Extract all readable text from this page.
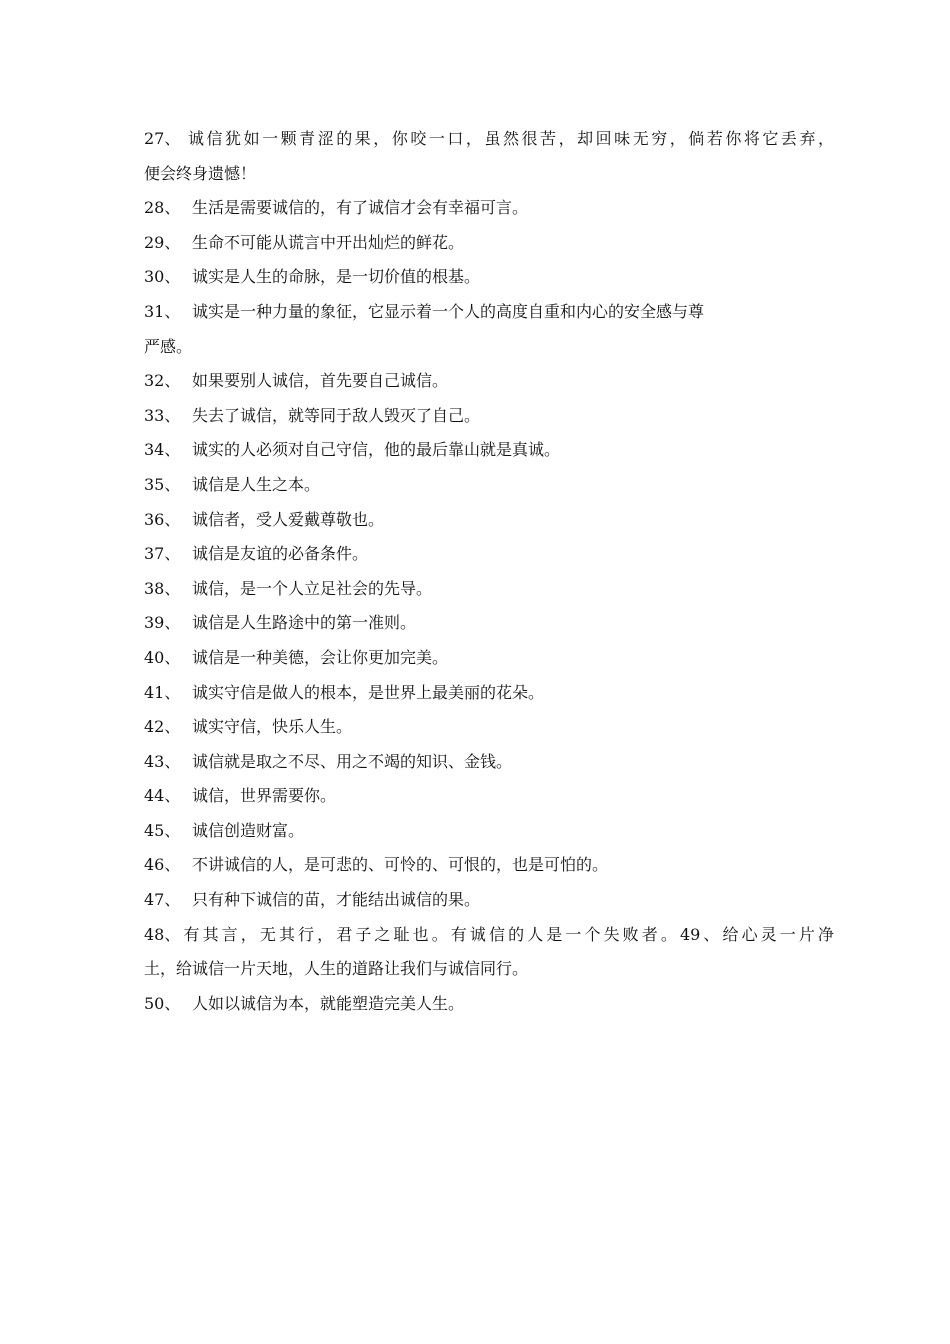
27、 诚信犹如一颗青涩的果，你咬一口，虽然很苦，却回味无穷，倘若你将它丢弃，
便会终身遗憾！
28、 生活是需要诚信的，有了诚信才会有幸福可言。
29、 生命不可能从谎言中开出灿烂的鲜花。
30、 诚实是人生的命脉，是一切价值的根基。
31、 诚实是一种力量的象征，它显示着一个人的高度自重和内心的安全感与尊
严感。
32、 如果要别人诚信，首先要自己诚信。
33、 失去了诚信，就等同于敌人毁灭了自己。
34、 诚实的人必须对自己守信，他的最后靠山就是真诚。
35、 诚信是人生之本。
36、 诚信者，受人爱戴尊敬也。
37、 诚信是友谊的必备条件。
38、 诚信，是一个人立足社会的先导。
39、 诚信是人生路途中的第一准则。
40、 诚信是一种美德，会让你更加完美。
41、 诚实守信是做人的根本，是世界上最美丽的花朵。
42、 诚实守信，快乐人生。
43、 诚信就是取之不尽、用之不竭的知识、金钱。
44、 诚信，世界需要你。
45、 诚信创造财富。
46、 不讲诚信的人，是可悲的、可怜的、可恨的，也是可怕的。
47、 只有种下诚信的苗，才能结出诚信的果。
48、有其言，无其行，君子之耻也。有诚信的人是一个失败者。49、给心灵一片净
土，给诚信一片天地，人生的道路让我们与诚信同行。
50、 人如以诚信为本，就能塑造完美人生。
